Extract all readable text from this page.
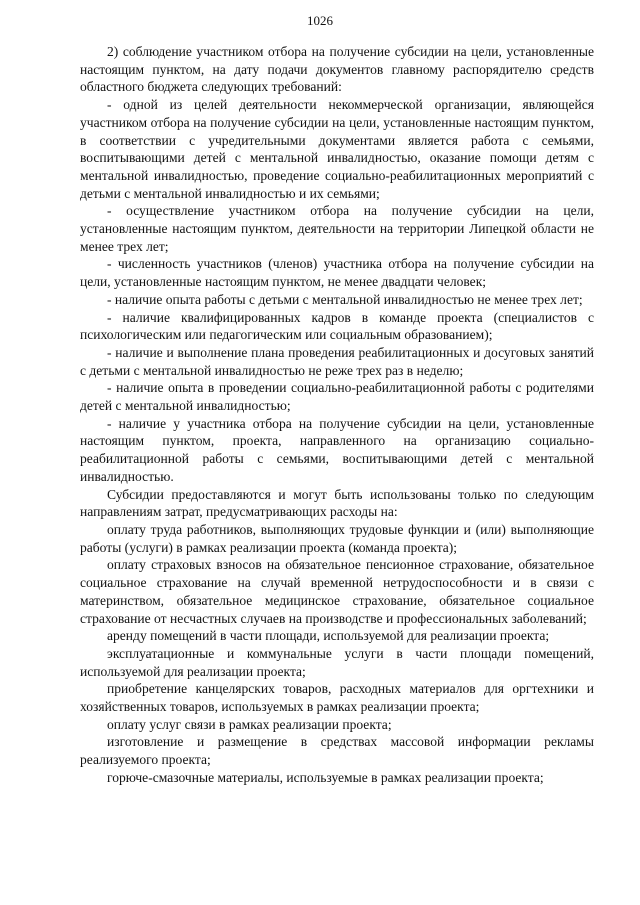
1026

2) соблюдение участником отбора на получение субсидии на цели, установленные настоящим пунктом, на дату подачи документов главному распорядителю средств областного бюджета следующих требований:

- одной из целей деятельности некоммерческой организации, являющейся участником отбора на получение субсидии на цели, установленные настоящим пунктом, в соответствии с учредительными документами является работа с семьями, воспитывающими детей с ментальной инвалидностью, оказание помощи детям с ментальной инвалидностью, проведение социально-реабилитационных мероприятий с детьми с ментальной инвалидностью и их семьями;

- осуществление участником отбора на получение субсидии на цели, установленные настоящим пунктом, деятельности на территории Липецкой области не менее трех лет;

- численность участников (членов) участника отбора на получение субсидии на цели, установленные настоящим пунктом, не менее двадцати человек;

- наличие опыта работы с детьми с ментальной инвалидностью не менее трех лет;

- наличие квалифицированных кадров в команде проекта (специалистов с психологическим или педагогическим или социальным образованием);

- наличие и выполнение плана проведения реабилитационных и досуговых занятий с детьми с ментальной инвалидностью не реже трех раз в неделю;

- наличие опыта в проведении социально-реабилитационной работы с родителями детей с ментальной инвалидностью;

- наличие у участника отбора на получение субсидии на цели, установленные настоящим пунктом, проекта, направленного на организацию социально-реабилитационной работы с семьями, воспитывающими детей с ментальной инвалидностью.

Субсидии предоставляются и могут быть использованы только по следующим направлениям затрат, предусматривающих расходы на:

оплату труда работников, выполняющих трудовые функции и (или) выполняющие работы (услуги) в рамках реализации проекта (команда проекта);

оплату страховых взносов на обязательное пенсионное страхование, обязательное социальное страхование на случай временной нетрудоспособности и в связи с материнством, обязательное медицинское страхование, обязательное социальное страхование от несчастных случаев на производстве и профессиональных заболеваний;

аренду помещений в части площади, используемой для реализации проекта;

эксплуатационные и коммунальные услуги в части площади помещений, используемой для реализации проекта;

приобретение канцелярских товаров, расходных материалов для оргтехники и хозяйственных товаров, используемых в рамках реализации проекта;

оплату услуг связи в рамках реализации проекта;

изготовление и размещение в средствах массовой информации рекламы реализуемого проекта;

горюче-смазочные материалы, используемые в рамках реализации проекта;
